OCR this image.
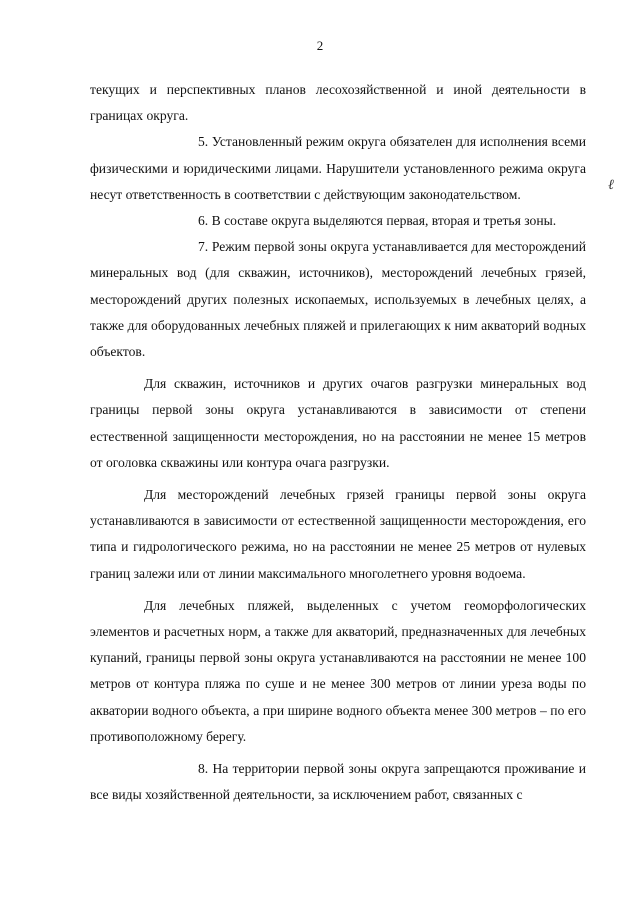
2
ℓ

текущих и перспективных планов лесохозяйственной и иной деятельности в границах округа.

5. Установленный режим округа обязателен для исполнения всеми физическими и юридическими лицами. Нарушители установленного режима округа несут ответственность в соответствии с действующим законодательством.

6. В составе округа выделяются первая, вторая и третья зоны.

7. Режим первой зоны округа устанавливается для месторождений минеральных вод (для скважин, источников), месторождений лечебных грязей, месторождений других полезных ископаемых, используемых в лечебных целях, а также для оборудованных лечебных пляжей и прилегающих к ним акваторий водных объектов.

Для скважин, источников и других очагов разгрузки минеральных вод границы первой зоны округа устанавливаются в зависимости от степени естественной защищенности месторождения, но на расстоянии не менее 15 метров от оголовка скважины или контура очага разгрузки.

Для месторождений лечебных грязей границы первой зоны округа устанавливаются в зависимости от естественной защищенности месторождения, его типа и гидрологического режима, но на расстоянии не менее 25 метров от нулевых границ залежи или от линии максимального многолетнего уровня водоема.

Для лечебных пляжей, выделенных с учетом геоморфологических элементов и расчетных норм, а также для акваторий, предназначенных для лечебных купаний, границы первой зоны округа устанавливаются на расстоянии не менее 100 метров от контура пляжа по суше и не менее 300 метров от линии уреза воды по акватории водного объекта, а при ширине водного объекта менее 300 метров – по его противоположному берегу.

8. На территории первой зоны округа запрещаются проживание и все виды хозяйственной деятельности, за исключением работ, связанных с
